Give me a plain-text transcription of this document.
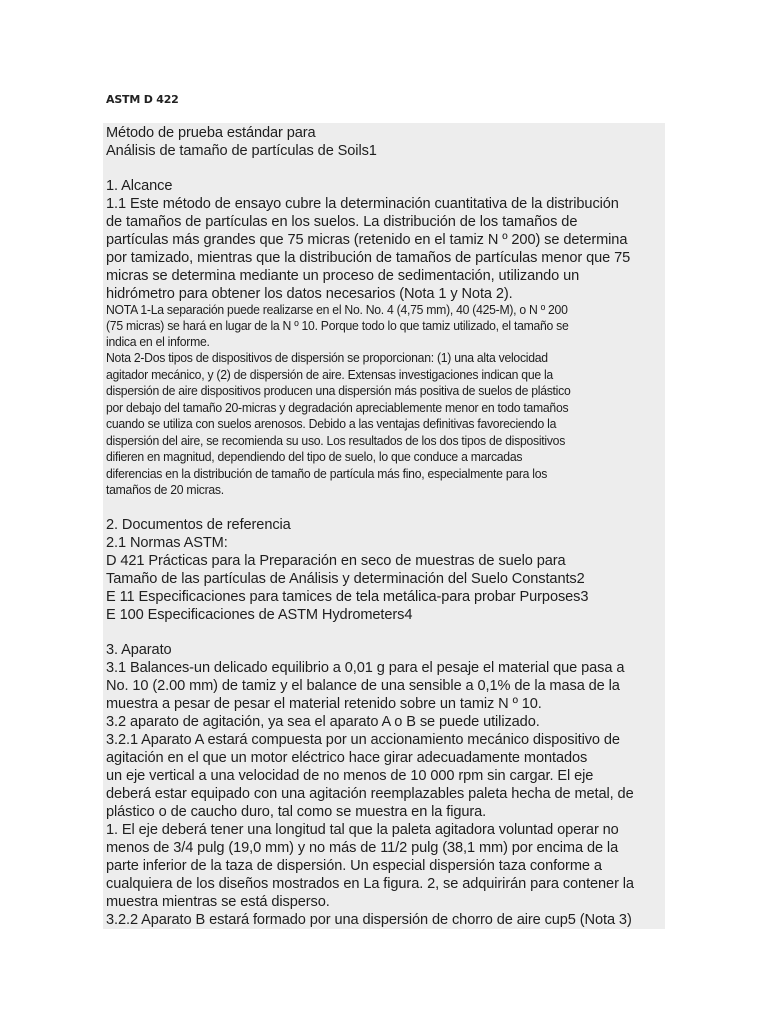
ASTM D 422
Método de prueba estándar para
Análisis de tamaño de partículas de Soils1
1. Alcance
1.1 Este método de ensayo cubre la determinación cuantitativa de la distribución
de tamaños de partículas en los suelos. La distribución de los tamaños de
partículas más grandes que 75 micras (retenido en el tamiz N º 200) se determina
por tamizado, mientras que la distribución de tamaños de partículas menor que 75
micras se determina mediante un proceso de sedimentación, utilizando un
hidrómetro para obtener los datos necesarios (Nota 1 y Nota 2).
NOTA 1-La separación puede realizarse en el No. No. 4 (4,75 mm), 40 (425-M), o N º 200
(75 micras) se hará en lugar de la N º 10. Porque todo lo que tamiz utilizado, el tamaño se
indica en el informe.
Nota 2-Dos tipos de dispositivos de dispersión se proporcionan: (1) una alta velocidad
agitador mecánico, y (2) de dispersión de aire. Extensas investigaciones indican que la
dispersión de aire dispositivos producen una dispersión más positiva de suelos de plástico
por debajo del tamaño 20-micras y degradación apreciablemente menor en todo tamaños
cuando se utiliza con suelos arenosos. Debido a las ventajas definitivas favoreciendo la
dispersión del aire, se recomienda su uso. Los resultados de los dos tipos de dispositivos
difieren en magnitud, dependiendo del tipo de suelo, lo que conduce a marcadas
diferencias en la distribución de tamaño de partícula más fino, especialmente para los
tamaños de 20 micras.
2. Documentos de referencia
2.1 Normas ASTM:
D 421 Prácticas para la Preparación en seco de muestras de suelo para
Tamaño de las partículas de Análisis y determinación del Suelo Constants2
E 11 Especificaciones para tamices de tela metálica-para probar Purposes3
E 100 Especificaciones de ASTM Hydrometers4
3. Aparato
3.1 Balances-un delicado equilibrio a 0,01 g para el pesaje el material que pasa a
No. 10 (2.00 mm) de tamiz y el balance de una sensible a 0,1% de la masa de la
muestra a pesar de pesar el material retenido sobre un tamiz N º 10.
3.2 aparato de agitación, ya sea el aparato A o B se puede utilizado.
3.2.1 Aparato A estará compuesta por un accionamiento mecánico dispositivo de
agitación en el que un motor eléctrico hace girar adecuadamente montados
un eje vertical a una velocidad de no menos de 10 000 rpm sin cargar. El eje
deberá estar equipado con una agitación reemplazables paleta hecha de metal, de
plástico o de caucho duro, tal como se muestra en la figura.
1. El eje deberá tener una longitud tal que la paleta agitadora voluntad operar no
menos de 3/4 pulg (19,0 mm) y no más de 11/2 pulg (38,1 mm) por encima de la
parte inferior de la taza de dispersión. Un especial dispersión taza conforme a
cualquiera de los diseños mostrados en La figura. 2, se adquirirán para contener la
muestra mientras se está disperso.
3.2.2 Aparato B estará formado por una dispersión de chorro de aire cup5 (Nota 3)
